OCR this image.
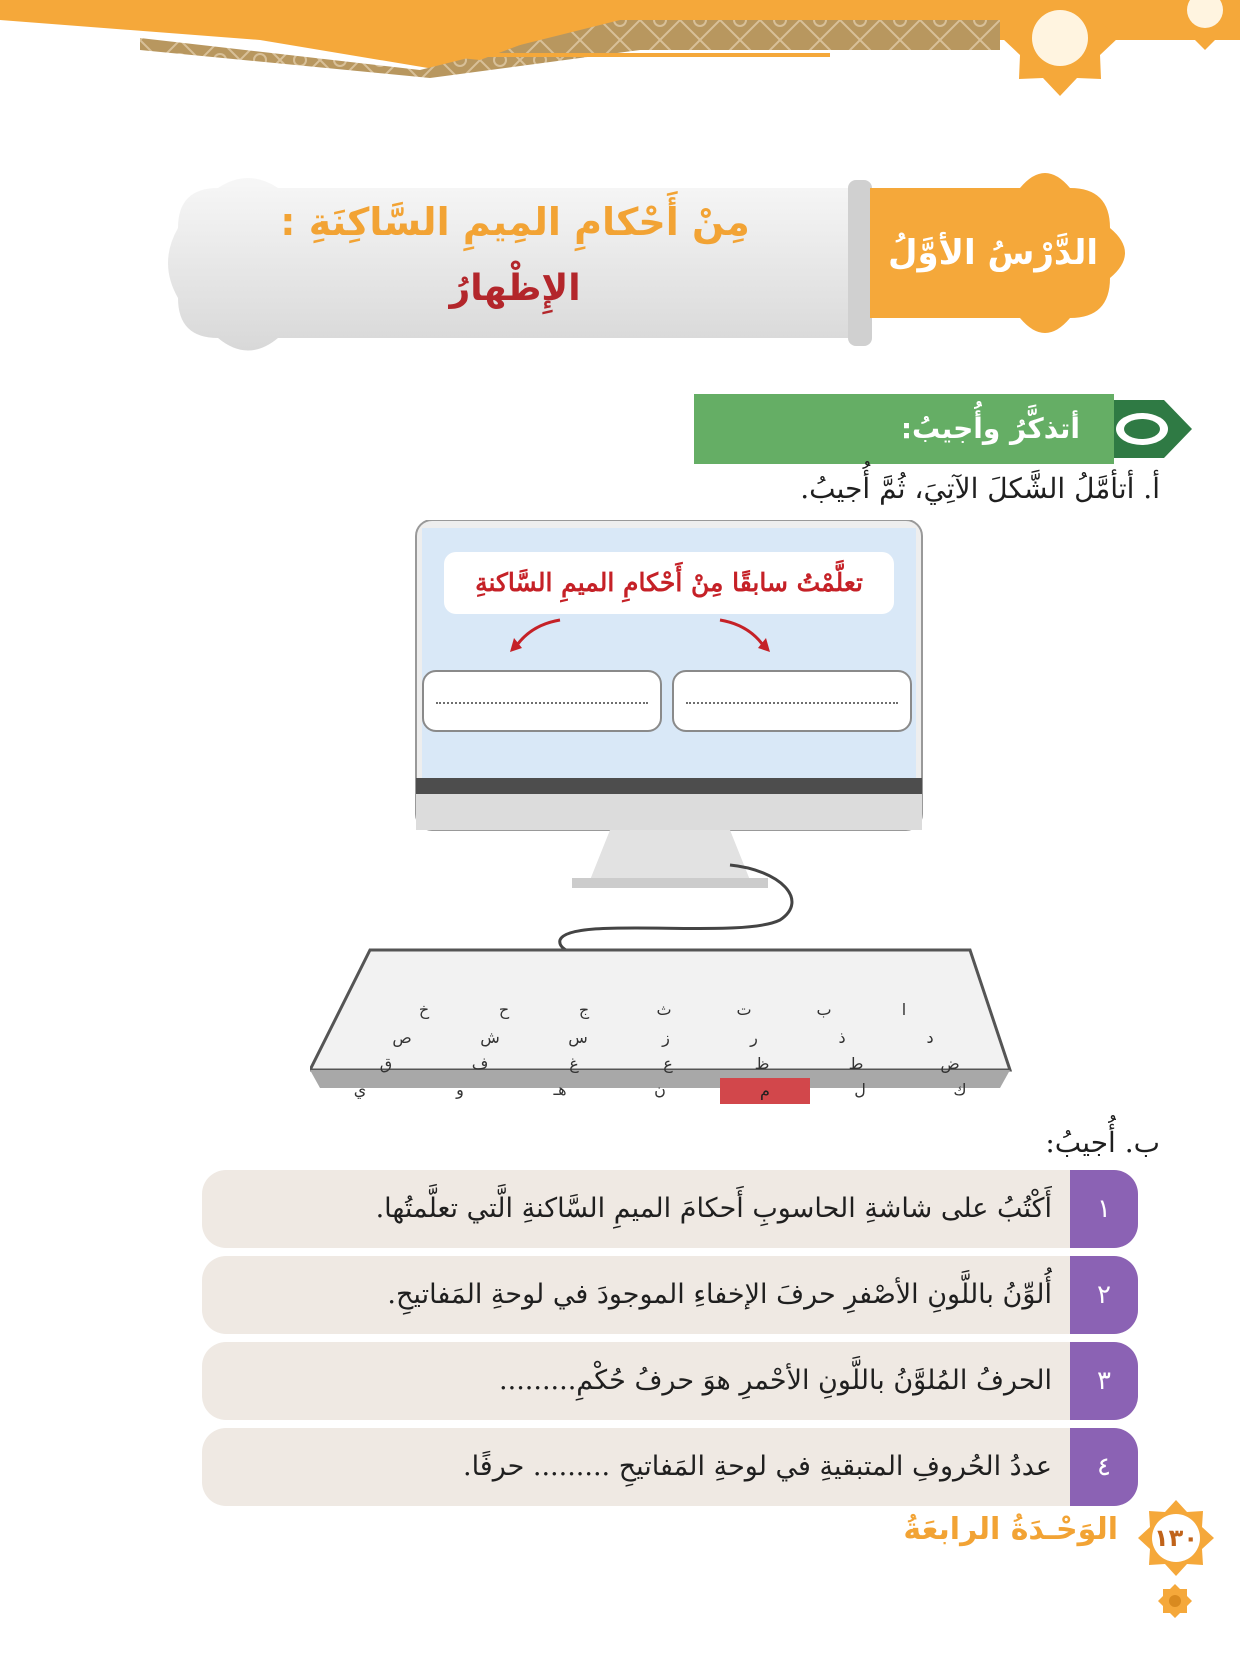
الدَّرْسُ الأوَّلُ
مِنْ أَحْكامِ المِيمِ السَّاكِنَةِ :
الإِظْهارُ
أتذكَّرُ وأُجيبُ:
أ. أتأمَّلُ الشَّكلَ الآتِيَ، ثُمَّ أُجيبُ.
تعلَّمْتُ سابقًا مِنْ أَحْكامِ الميمِ السَّاكنةِ
ا
ب
ت
ث
ج
ح
خ
د
ذ
ر
ز
س
ش
ص
ض
ط
ظ
ع
غ
ف
ق
ك
ل
م
ن
هـ
و
ي
ب. أُجيبُ:
١
أَكْتُبُ على شاشةِ الحاسوبِ أَحكامَ الميمِ السَّاكنةِ الَّتي تعلَّمتُها.
٢
أُلوِّنُ باللَّونِ الأصْفرِ حرفَ الإخفاءِ الموجودَ في لوحةِ المَفاتيحِ.
٣
الحرفُ المُلوَّنُ باللَّونِ الأحْمرِ هوَ حرفُ حُكْمِ.........
٤
عددُ الحُروفِ المتبقيةِ في لوحةِ المَفاتيحِ ......... حرفًا.
١٣٠
الوَحْـدَةُ الرابعَةُ
